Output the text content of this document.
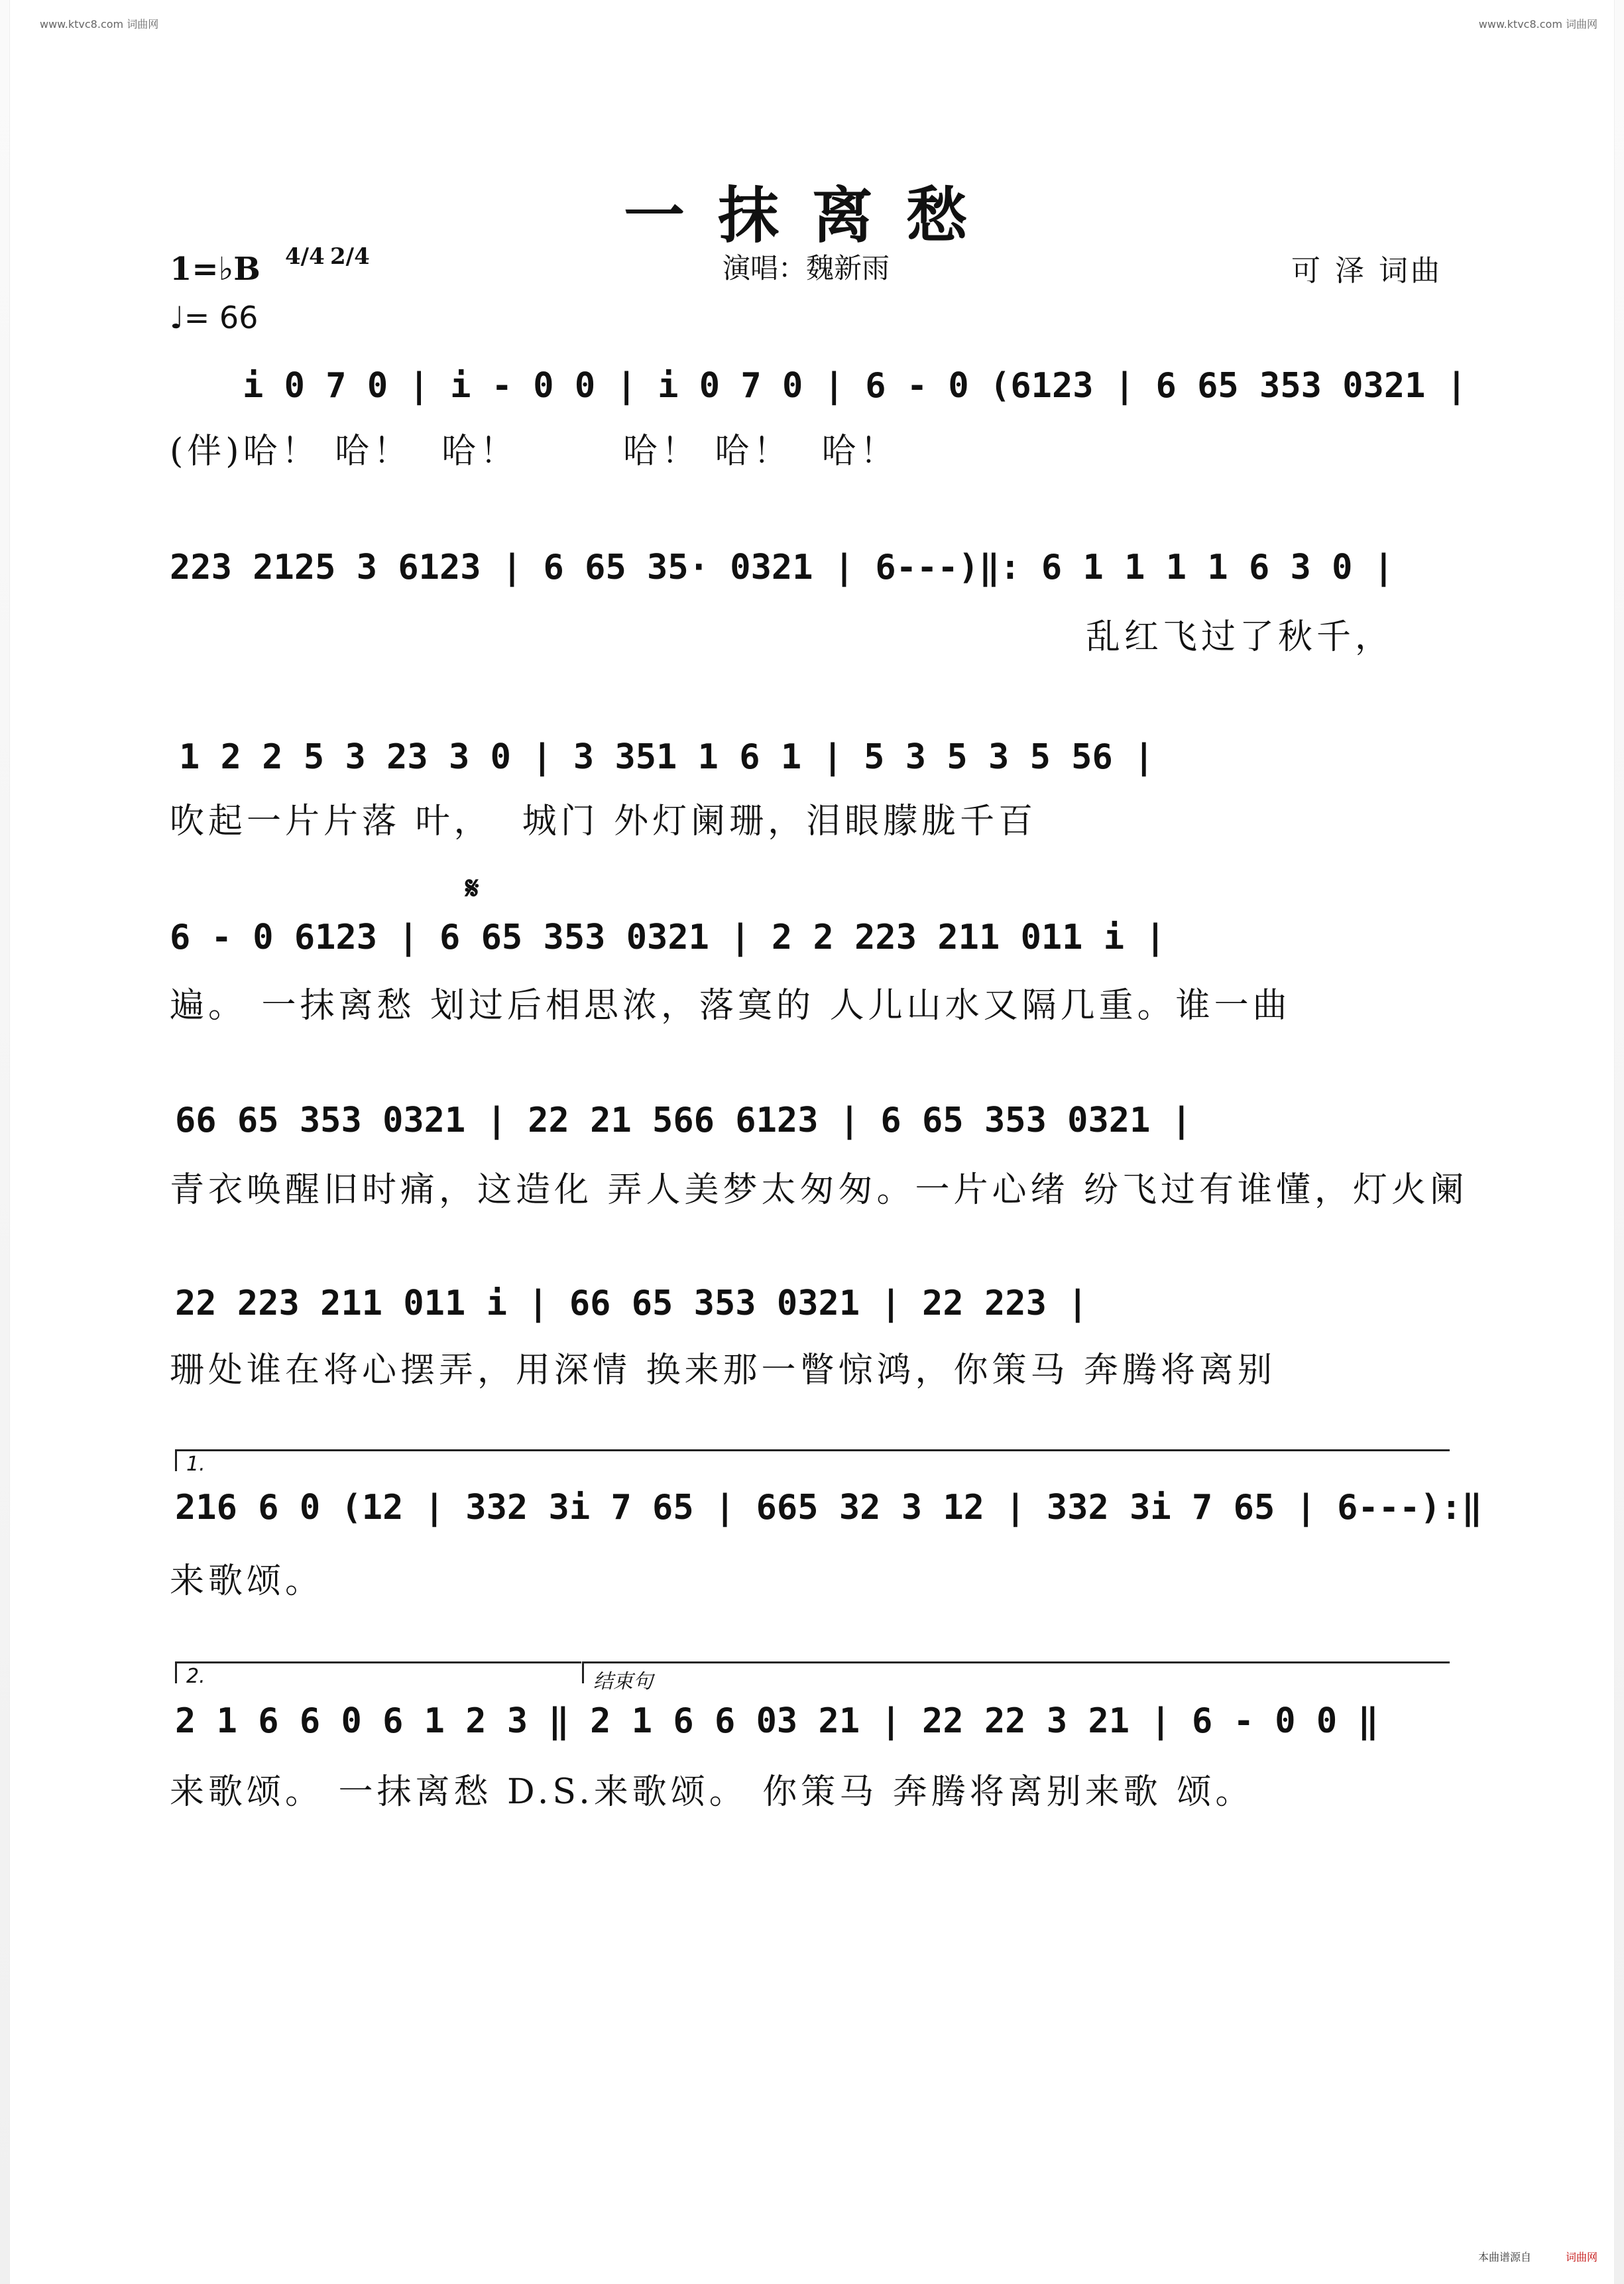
www.ktvc8.com 词曲网	www.ktvc8.com 词曲网
一抹离愁
演唱：魏新雨	可 泽 词曲
1=♭B 4/4 2/4
♩= 66
i 0 7 0 | i - 0 0 | i 0 7 0 | 6 - 0 (6123 | 6 65 353 0321 |
(伴)哈！ 哈！  哈！       哈！ 哈！  哈！
223 2125 3 6123 | 6 65 35· 0321 | 6---)‖: 6 1 1 1 1 6 3 0 |
乱红飞过了秋千，
1 2 2 5 3 23 3 0 | 3 351 1 6 1 | 5 3 5 3 5 56 |
吹起一片片落 叶，  城门 外灯阑珊，泪眼朦胧千百
𝄋
6 - 0 6123 | 6 65 353 0321 | 2 2 223 211 011 i |
遍。 一抹离愁 划过后相思浓，落寞的 人儿山水又隔几重。谁一曲
66 65 353 0321 | 22 21 566 6123 | 6 65 353 0321 |
青衣唤醒旧时痛，这造化 弄人美梦太匆匆。一片心绪 纷飞过有谁懂，灯火阑
22 223 211 011 i | 66 65 353 0321 | 22 223 |
珊处谁在将心摆弄，用深情 换来那一瞥惊鸿，你策马 奔腾将离别
1.
216 6 0 (12 | 332 3i 7 65 | 665 32 3 12 | 332 3i 7 65 | 6---):‖
来歌颂。
2.	结束句
2 1 6 6 0 6 1 2 3 ‖ 2 1 6 6 03 21 | 22 22 3 21 | 6 - 0 0 ‖
来歌颂。 一抹离愁 D.S.来歌颂。 你策马 奔腾将离别来歌 颂。
本曲谱源自	词曲网
